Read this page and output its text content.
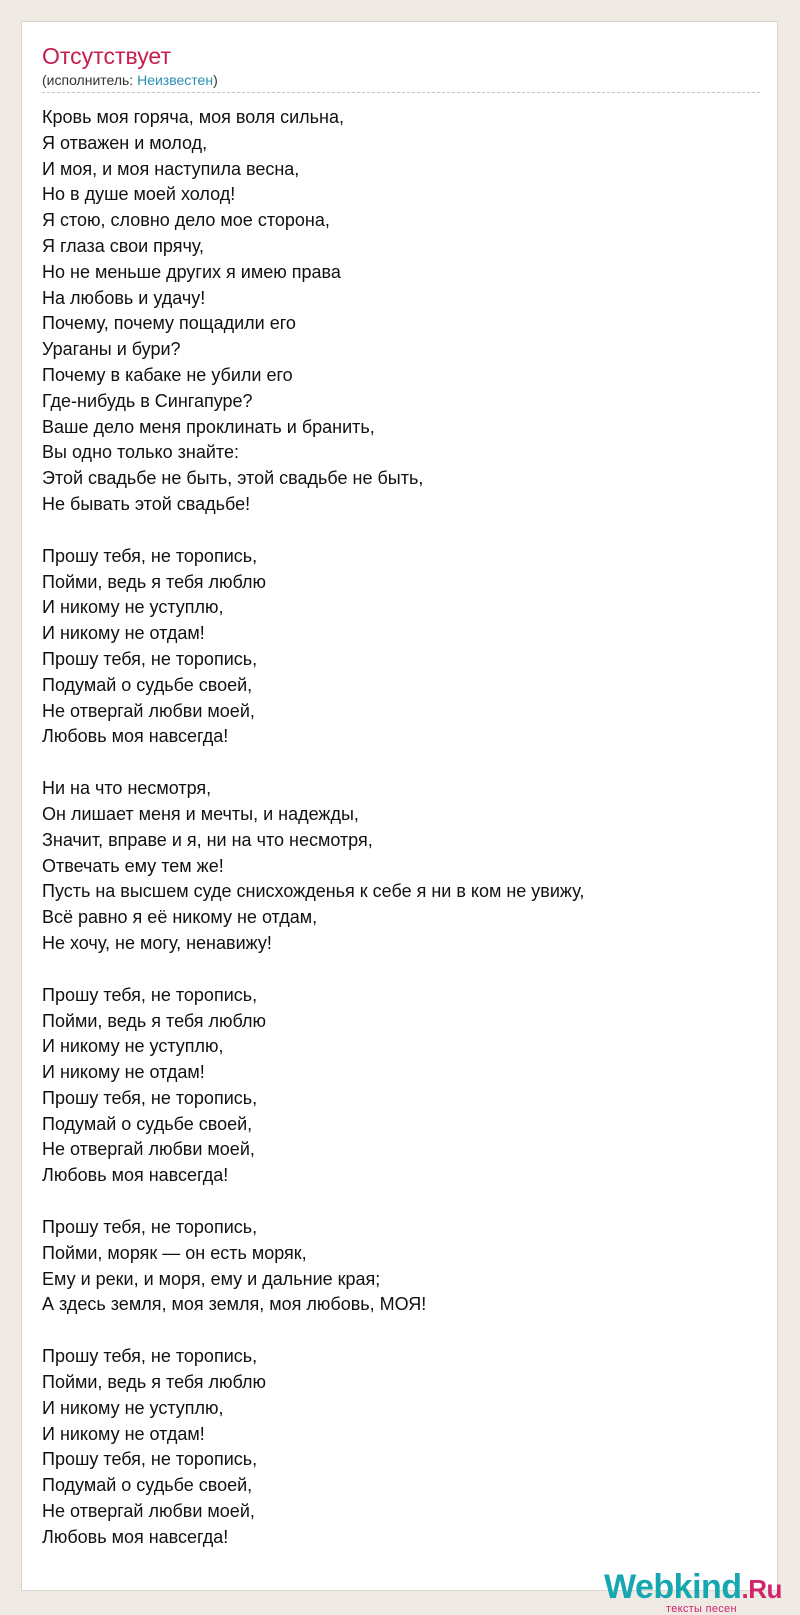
Отсутствует
(исполнитель: Неизвестен)
Кровь моя горяча, моя воля сильна,
Я отважен и молод,
И моя, и моя наступила весна,
Но в душе моей холод!
Я стою, словно дело мое сторона,
Я глаза свои прячу,
Но не меньше других я имею права
На любовь и удачу!
Почему, почему пощадили его
Ураганы и бури?
Почему в кабаке не убили его
Где-нибудь в Сингапуре?
Ваше дело меня проклинать и бранить,
Вы одно только знайте:
Этой свадьбе не быть, этой свадьбе не быть,
Не бывать этой свадьбе!
Прошу тебя, не торопись,
Пойми, ведь я тебя люблю
И никому не уступлю,
И никому не отдам!
Прошу тебя, не торопись,
Подумай о судьбе своей,
Не отвергай любви моей,
Любовь моя навсегда!
Ни на что несмотря,
Он лишает меня и мечты, и надежды,
Значит, вправе и я, ни на что несмотря,
Отвечать ему тем же!
Пусть на высшем суде снисхожденья к себе я ни в ком не увижу,
Всё равно я её никому не отдам,
Не хочу, не могу, ненавижу!
Прошу тебя, не торопись,
Пойми, ведь я тебя люблю
И никому не уступлю,
И никому не отдам!
Прошу тебя, не торопись,
Подумай о судьбе своей,
Не отвергай любви моей,
Любовь моя навсегда!
Прошу тебя, не торопись,
Пойми, моряк — он есть моряк,
Ему и реки, и моря, ему и дальние края;
А здесь земля, моя земля, моя любовь, МОЯ!
Прошу тебя, не торопись,
Пойми, ведь я тебя люблю
И никому не уступлю,
И никому не отдам!
Прошу тебя, не торопись,
Подумай о судьбе своей,
Не отвергай любви моей,
Любовь моя навсегда!
Webkind.Ru
тексты песен
